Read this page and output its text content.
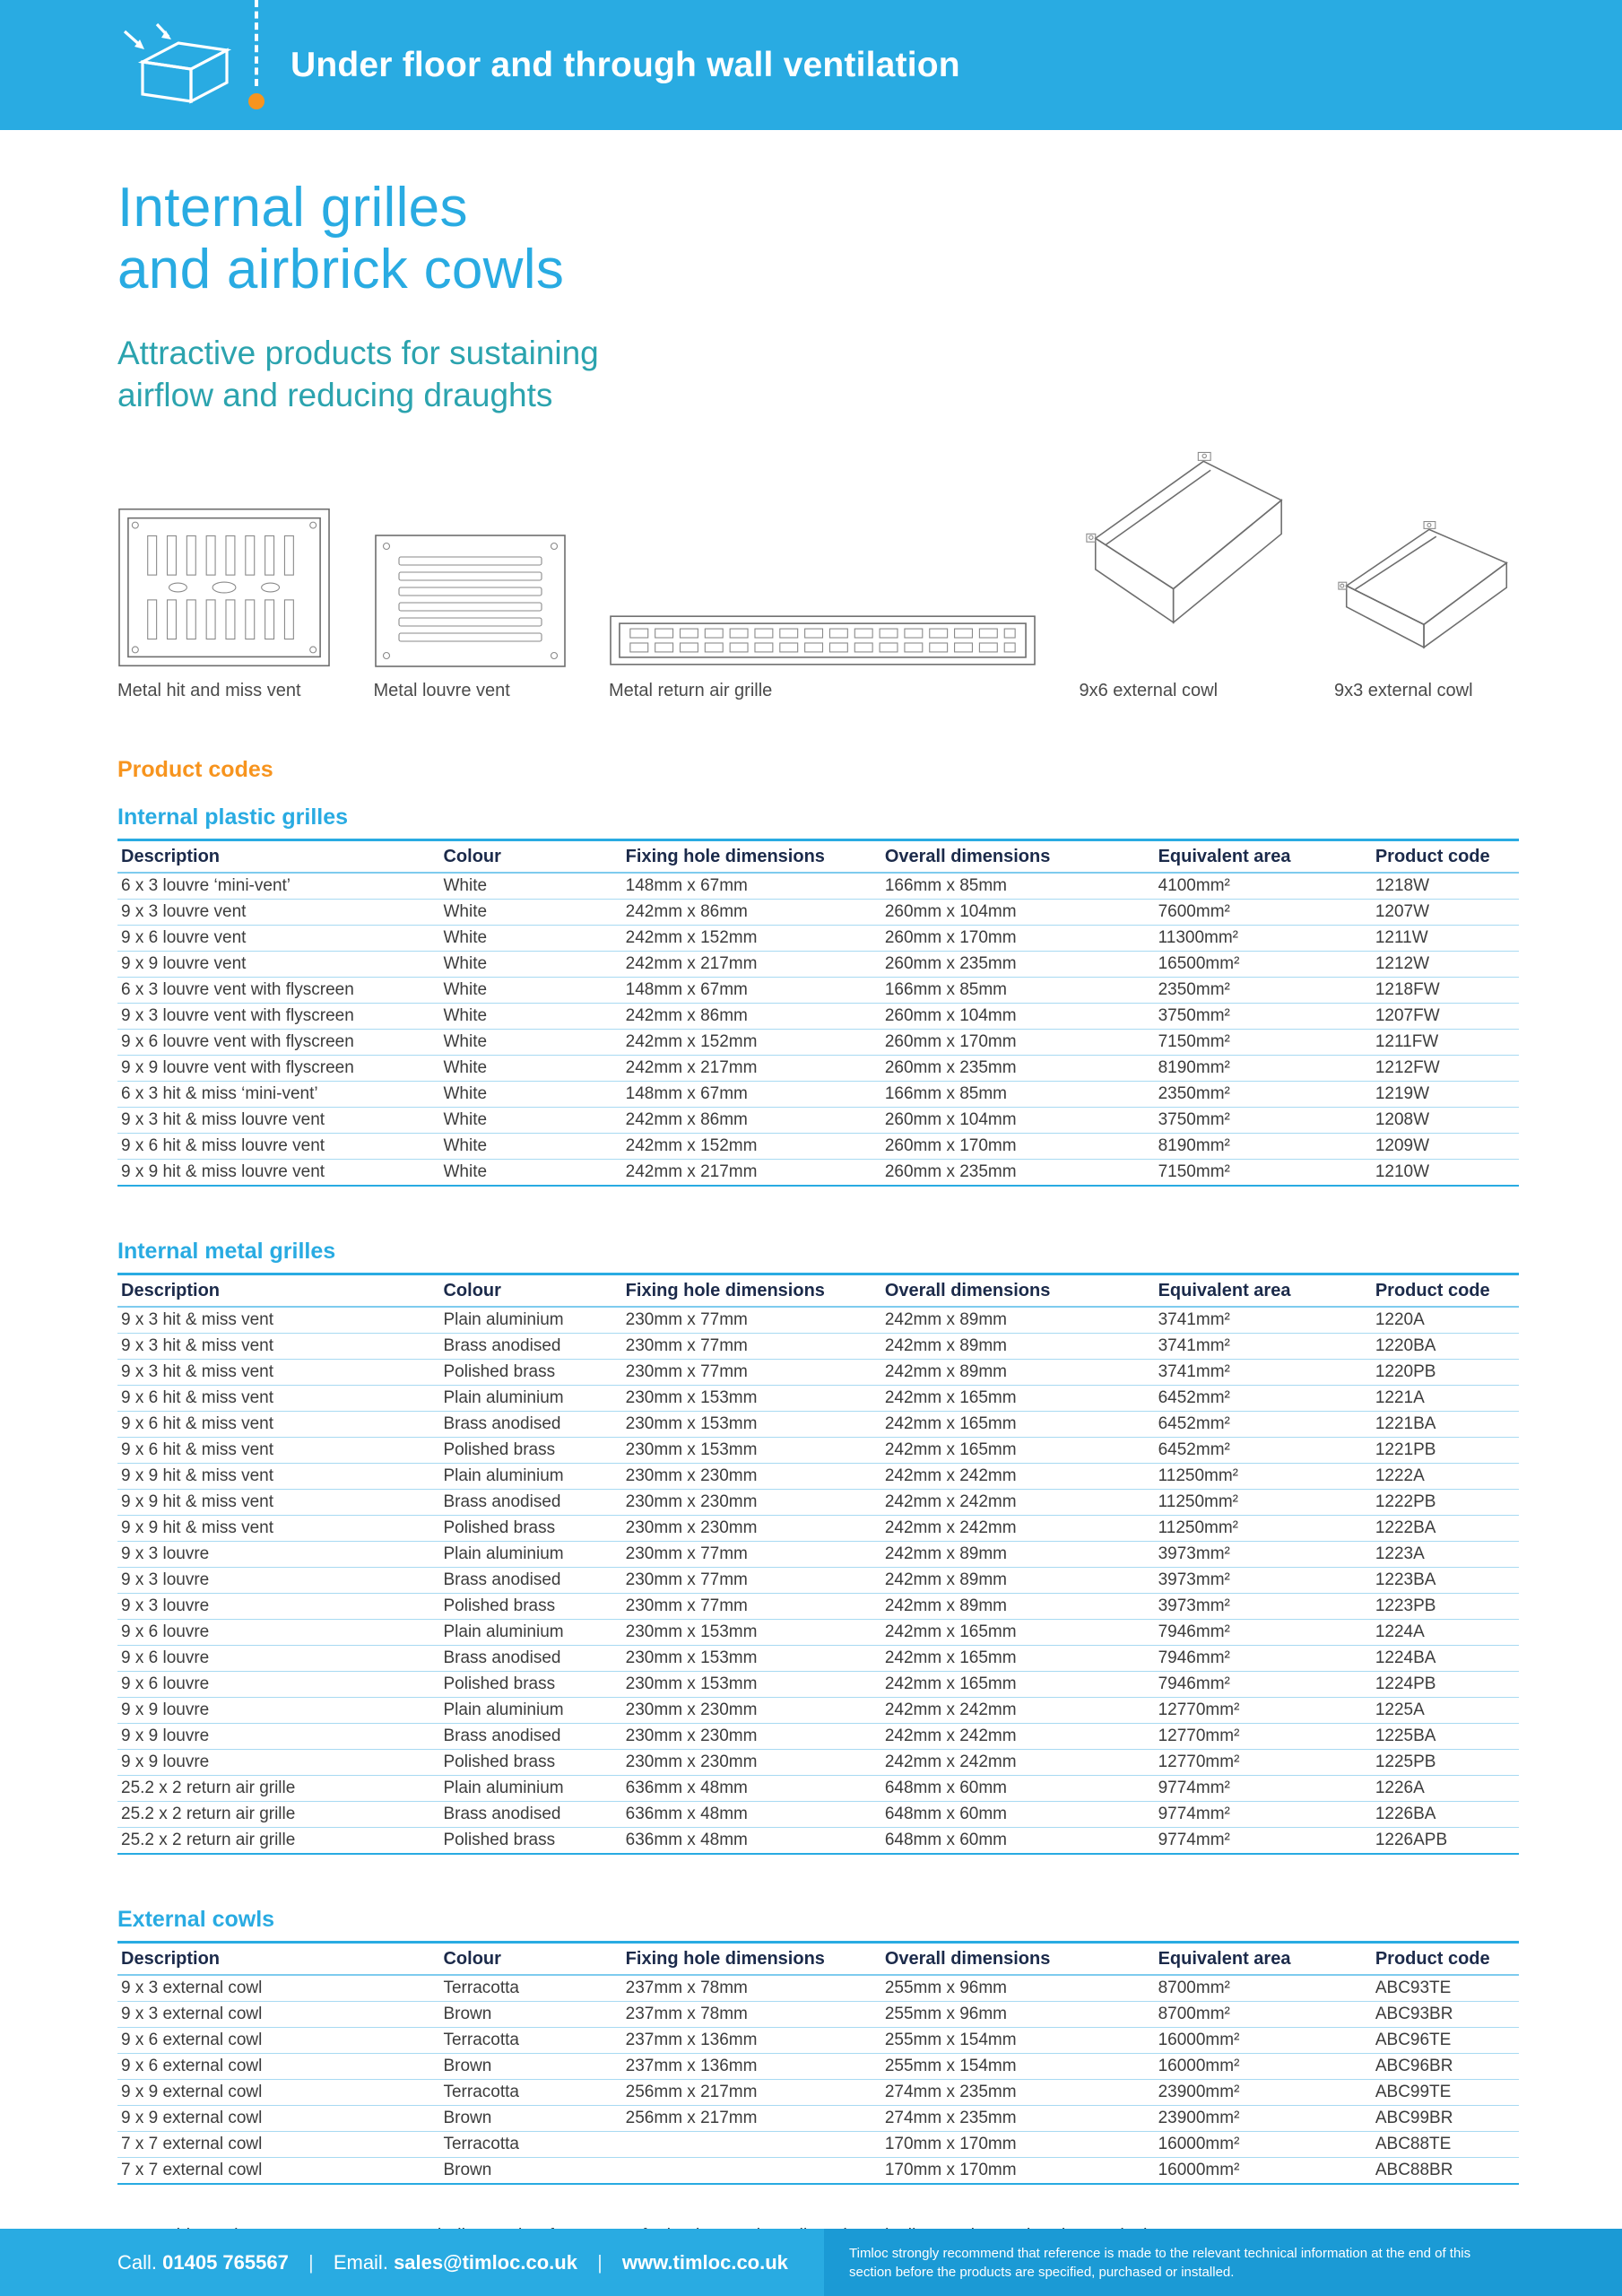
Under floor and through wall ventilation
Internal grilles
and airbrick cowls

Attractive products for sustaining
airflow and reducing draughts

Metal hit and miss vent	Metal louvre vent	Metal return air grille	9x6 external cowl	9x3 external cowl
Product codes
Internal plastic grilles
Description	Colour	Fixing hole dimensions	Overall dimensions	Equivalent area	Product code
6 x 3 louvre ‘mini-vent’	White	148mm x 67mm	166mm x 85mm	4100mm²	1218W
9 x 3 louvre vent	White	242mm x 86mm	260mm x 104mm	7600mm²	1207W
9 x 6 louvre vent	White	242mm x 152mm	260mm x 170mm	11300mm²	1211W
9 x 9 louvre vent	White	242mm x 217mm	260mm x 235mm	16500mm²	1212W
6 x 3 louvre vent with flyscreen	White	148mm x 67mm	166mm x 85mm	2350mm²	1218FW
9 x 3 louvre vent with flyscreen	White	242mm x 86mm	260mm x 104mm	3750mm²	1207FW
9 x 6 louvre vent with flyscreen	White	242mm x 152mm	260mm x 170mm	7150mm²	1211FW
9 x 9 louvre vent with flyscreen	White	242mm x 217mm	260mm x 235mm	8190mm²	1212FW
6 x 3 hit & miss ‘mini-vent’	White	148mm x 67mm	166mm x 85mm	2350mm²	1219W
9 x 3 hit & miss louvre vent	White	242mm x 86mm	260mm x 104mm	3750mm²	1208W
9 x 6 hit & miss louvre vent	White	242mm x 152mm	260mm x 170mm	8190mm²	1209W
9 x 9 hit & miss louvre vent	White	242mm x 217mm	260mm x 235mm	7150mm²	1210W
Internal metal grilles
Description	Colour	Fixing hole dimensions	Overall dimensions	Equivalent area	Product code
9 x 3 hit & miss vent	Plain aluminium	230mm x 77mm	242mm x 89mm	3741mm²	1220A
9 x 3 hit & miss vent	Brass anodised	230mm x 77mm	242mm x 89mm	3741mm²	1220BA
9 x 3 hit & miss vent	Polished brass	230mm x 77mm	242mm x 89mm	3741mm²	1220PB
9 x 6 hit & miss vent	Plain aluminium	230mm x 153mm	242mm x 165mm	6452mm²	1221A
9 x 6 hit & miss vent	Brass anodised	230mm x 153mm	242mm x 165mm	6452mm²	1221BA
9 x 6 hit & miss vent	Polished brass	230mm x 153mm	242mm x 165mm	6452mm²	1221PB
9 x 9 hit & miss vent	Plain aluminium	230mm x 230mm	242mm x 242mm	11250mm²	1222A
9 x 9 hit & miss vent	Brass anodised	230mm x 230mm	242mm x 242mm	11250mm²	1222PB
9 x 9 hit & miss vent	Polished brass	230mm x 230mm	242mm x 242mm	11250mm²	1222BA
9 x 3 louvre	Plain aluminium	230mm x 77mm	242mm x 89mm	3973mm²	1223A
9 x 3 louvre	Brass anodised	230mm x 77mm	242mm x 89mm	3973mm²	1223BA
9 x 3 louvre	Polished brass	230mm x 77mm	242mm x 89mm	3973mm²	1223PB
9 x 6 louvre	Plain aluminium	230mm x 153mm	242mm x 165mm	7946mm²	1224A
9 x 6 louvre	Brass anodised	230mm x 153mm	242mm x 165mm	7946mm²	1224BA
9 x 6 louvre	Polished brass	230mm x 153mm	242mm x 165mm	7946mm²	1224PB
9 x 9 louvre	Plain aluminium	230mm x 230mm	242mm x 242mm	12770mm²	1225A
9 x 9 louvre	Brass anodised	230mm x 230mm	242mm x 242mm	12770mm²	1225BA
9 x 9 louvre	Polished brass	230mm x 230mm	242mm x 242mm	12770mm²	1225PB
25.2 x 2 return air grille	Plain aluminium	636mm x 48mm	648mm x 60mm	9774mm²	1226A
25.2 x 2 return air grille	Brass anodised	636mm x 48mm	648mm x 60mm	9774mm²	1226BA
25.2 x 2 return air grille	Polished brass	636mm x 48mm	648mm x 60mm	9774mm²	1226APB
External cowls
Description	Colour	Fixing hole dimensions	Overall dimensions	Equivalent area	Product code
9 x 3 external cowl	Terracotta	237mm x 78mm	255mm x 96mm	8700mm²	ABC93TE
9 x 3 external cowl	Brown	237mm x 78mm	255mm x 96mm	8700mm²	ABC93BR
9 x 6 external cowl	Terracotta	237mm x 136mm	255mm x 154mm	16000mm²	ABC96TE
9 x 6 external cowl	Brown	237mm x 136mm	255mm x 154mm	16000mm²	ABC96BR
9 x 9 external cowl	Terracotta	256mm x 217mm	274mm x 235mm	23900mm²	ABC99TE
9 x 9 external cowl	Brown	256mm x 217mm	274mm x 235mm	23900mm²	ABC99BR
7 x 7 external cowl	Terracotta		170mm x 170mm	16000mm²	ABC88TE
7 x 7 external cowl	Brown		170mm x 170mm	16000mm²	ABC88BR

Call. 01405 765567 | Email. sales@timloc.co.uk | www.timloc.co.uk	Timloc strongly recommend that reference is made to the relevant technical information at the end of this section before the products are specified, purchased or installed.
